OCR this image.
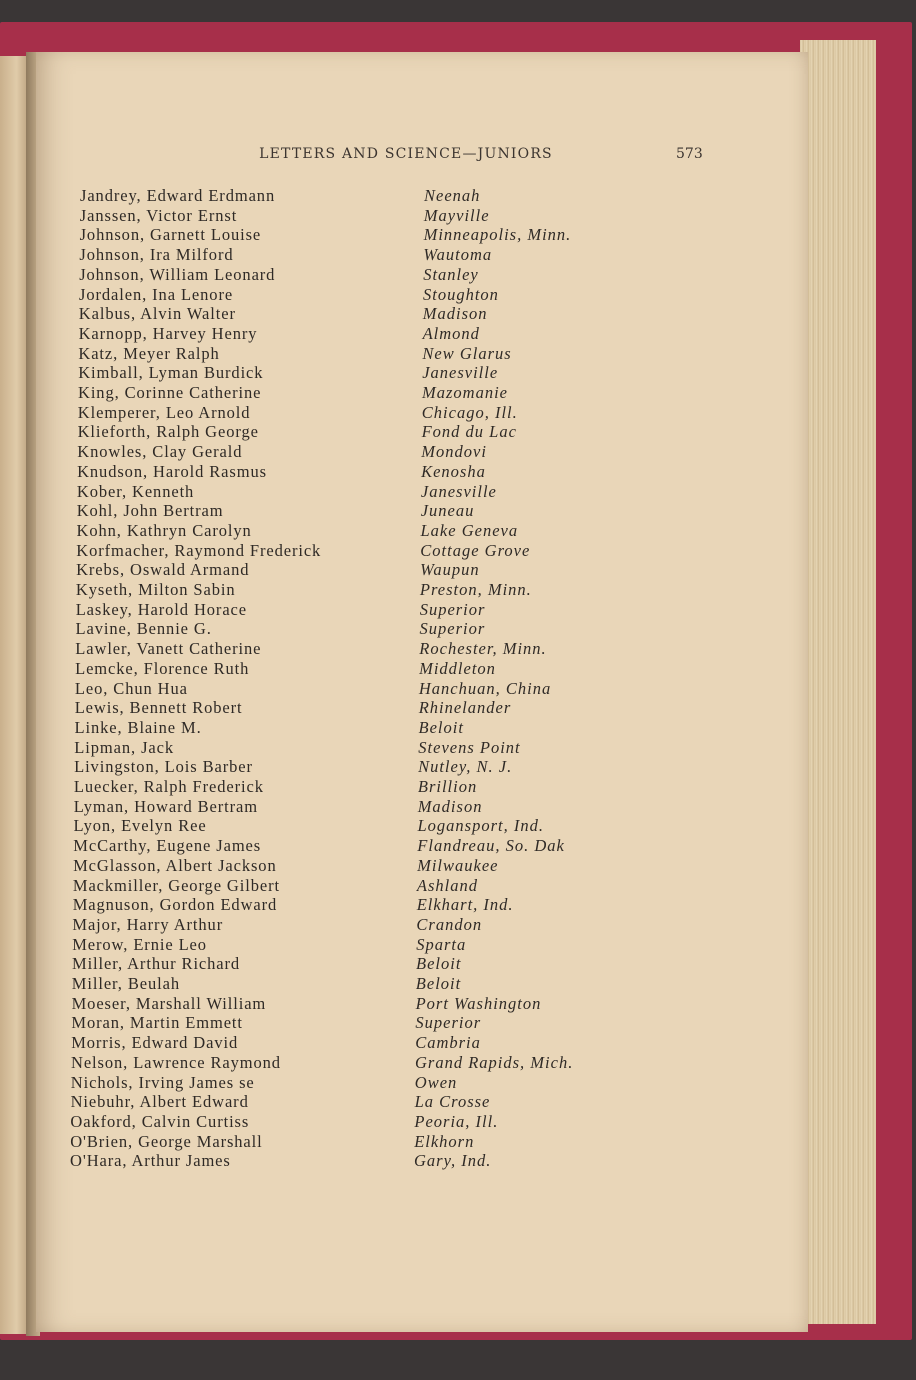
LETTERS AND SCIENCE—JUNIORS	573
Jandrey, Edward Erdmann	Neenah
Janssen, Victor Ernst	Mayville
Johnson, Garnett Louise	Minneapolis, Minn.
Johnson, Ira Milford	Wautoma
Johnson, William Leonard	Stanley
Jordalen, Ina Lenore	Stoughton
Kalbus, Alvin Walter	Madison
Karnopp, Harvey Henry	Almond
Katz, Meyer Ralph	New Glarus
Kimball, Lyman Burdick	Janesville
King, Corinne Catherine	Mazomanie
Klemperer, Leo Arnold	Chicago, Ill.
Klieforth, Ralph George	Fond du Lac
Knowles, Clay Gerald	Mondovi
Knudson, Harold Rasmus	Kenosha
Kober, Kenneth	Janesville
Kohl, John Bertram	Juneau
Kohn, Kathryn Carolyn	Lake Geneva
Korfmacher, Raymond Frederick	Cottage Grove
Krebs, Oswald Armand	Waupun
Kyseth, Milton Sabin	Preston, Minn.
Laskey, Harold Horace	Superior
Lavine, Bennie G.	Superior
Lawler, Vanett Catherine	Rochester, Minn.
Lemcke, Florence Ruth	Middleton
Leo, Chun Hua	Hanchuan, China
Lewis, Bennett Robert	Rhinelander
Linke, Blaine M.	Beloit
Lipman, Jack	Stevens Point
Livingston, Lois Barber	Nutley, N. J.
Luecker, Ralph Frederick	Brillion
Lyman, Howard Bertram	Madison
Lyon, Evelyn Ree	Logansport, Ind.
McCarthy, Eugene James	Flandreau, So. Dak
McGlasson, Albert Jackson	Milwaukee
Mackmiller, George Gilbert	Ashland
Magnuson, Gordon Edward	Elkhart, Ind.
Major, Harry Arthur	Crandon
Merow, Ernie Leo	Sparta
Miller, Arthur Richard	Beloit
Miller, Beulah	Beloit
Moeser, Marshall William	Port Washington
Moran, Martin Emmett	Superior
Morris, Edward David	Cambria
Nelson, Lawrence Raymond	Grand Rapids, Mich.
Nichols, Irving James se	Owen
Niebuhr, Albert Edward	La Crosse
Oakford, Calvin Curtiss	Peoria, Ill.
O'Brien, George Marshall	Elkhorn
O'Hara, Arthur James	Gary, Ind.
